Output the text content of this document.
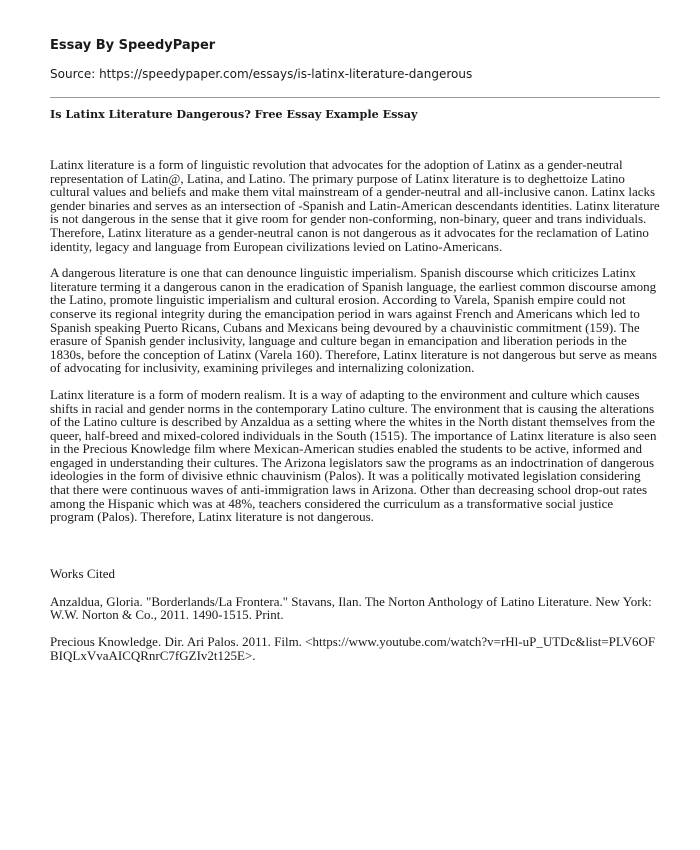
Essay By SpeedyPaper
Source: https://speedypaper.com/essays/is-latinx-literature-dangerous
Is Latinx Literature Dangerous? Free Essay Example Essay

Latinx literature is a form of linguistic revolution that advocates for the adoption of Latinx as a gender-neutral representation of Latin@, Latina, and Latino. The primary purpose of Latinx literature is to deghettoize Latino cultural values and beliefs and make them vital mainstream of a gender-neutral and all-inclusive canon. Latinx lacks gender binaries and serves as an intersection of -Spanish and Latin-American descendants identities. Latinx literature is not dangerous in the sense that it give room for gender non-conforming, non-binary, queer and trans individuals. Therefore, Latinx literature as a gender-neutral canon is not dangerous as it advocates for the reclamation of Latino identity, legacy and language from European civilizations levied on Latino-Americans.

A dangerous literature is one that can denounce linguistic imperialism. Spanish discourse which criticizes Latinx literature terming it a dangerous canon in the eradication of Spanish language, the earliest common discourse among the Latino, promote linguistic imperialism and cultural erosion. According to Varela, Spanish empire could not conserve its regional integrity during the emancipation period in wars against French and Americans which led to Spanish speaking Puerto Ricans, Cubans and Mexicans being devoured by a chauvinistic commitment (159). The erasure of Spanish gender inclusivity, language and culture began in emancipation and liberation periods in the 1830s, before the conception of Latinx (Varela 160). Therefore, Latinx literature is not dangerous but serve as means of advocating for inclusivity, examining privileges and internalizing colonization.

Latinx literature is a form of modern realism. It is a way of adapting to the environment and culture which causes shifts in racial and gender norms in the contemporary Latino culture. The environment that is causing the alterations of the Latino culture is described by Anzaldua as a setting where the whites in the North distant themselves from the queer, half-breed and mixed-colored individuals in the South (1515). The importance of Latinx literature is also seen in the Precious Knowledge film where Mexican-American studies enabled the students to be active, informed and engaged in understanding their cultures. The Arizona legislators saw the programs as an indoctrination of dangerous ideologies in the form of divisive ethnic chauvinism (Palos). It was a politically motivated legislation considering that there were continuous waves of anti-immigration laws in Arizona. Other than decreasing school drop-out rates among the Hispanic which was at 48%, teachers considered the curriculum as a transformative social justice program (Palos). Therefore, Latinx literature is not dangerous.

Works Cited
Anzaldua, Gloria. "Borderlands/La Frontera." Stavans, Ilan. The Norton Anthology of Latino Literature. New York: W.W. Norton & Co., 2011. 1490-1515. Print.
Precious Knowledge. Dir. Ari Palos. 2011. Film. <https://www.youtube.com/watch?v=rHl-uP_UTDc&list=PLV6OFBIQLxVvaAICQRnrC7fGZIv2t125E>.
